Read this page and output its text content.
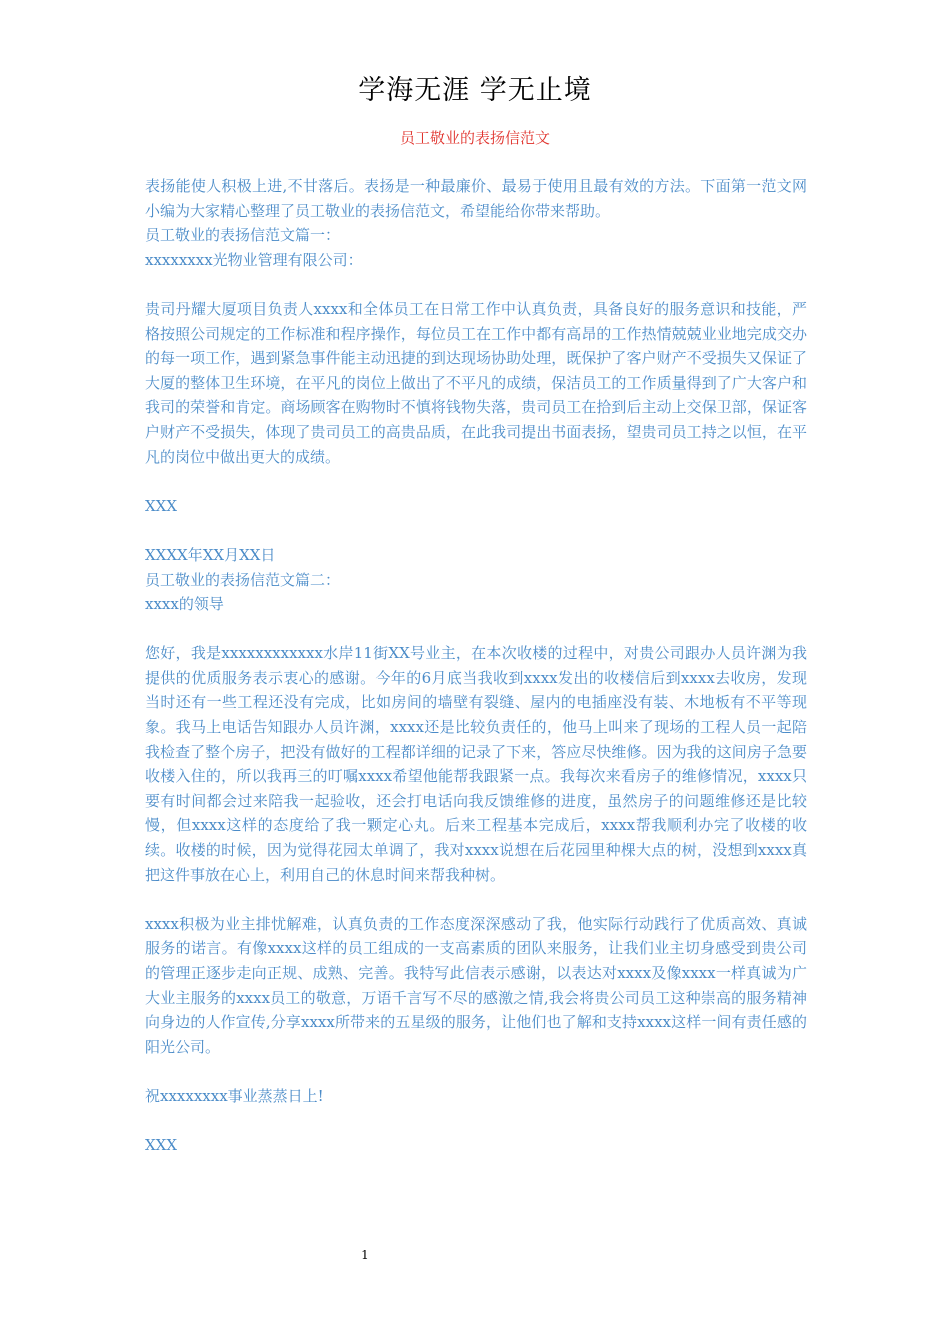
学海无涯 学无止境
员工敬业的表扬信范文

表扬能使人积极上进,不甘落后。表扬是一种最廉价、最易于使用且最有效的方法。下面第一范文网小编为大家精心整理了员工敬业的表扬信范文，希望能给你带来帮助。

员工敬业的表扬信范文篇一：

xxxxxxxx光物业管理有限公司：

贵司丹耀大厦项目负责人xxxx和全体员工在日常工作中认真负责，具备良好的服务意识和技能，严格按照公司规定的工作标准和程序操作，每位员工在工作中都有高昂的工作热情兢兢业业地完成交办的每一项工作，遇到紧急事件能主动迅捷的到达现场协助处理，既保护了客户财产不受损失又保证了大厦的整体卫生环境，在平凡的岗位上做出了不平凡的成绩，保洁员工的工作质量得到了广大客户和我司的荣誉和肯定。商场顾客在购物时不慎将钱物失落，贵司员工在拾到后主动上交保卫部，保证客户财产不受损失，体现了贵司员工的高贵品质，在此我司提出书面表扬，望贵司员工持之以恒，在平凡的岗位中做出更大的成绩。

XXX

XXXX年XX月XX日

员工敬业的表扬信范文篇二：

xxxx的领导

您好，我是xxxxxxxxxxxx水岸11街XX号业主，在本次收楼的过程中，对贵公司跟办人员许渊为我提供的优质服务表示衷心的感谢。今年的6月底当我收到xxxx发出的收楼信后到xxxx去收房，发现当时还有一些工程还没有完成，比如房间的墙壁有裂缝、屋内的电插座没有装、木地板有不平等现象。我马上电话告知跟办人员许渊，xxxx还是比较负责任的，他马上叫来了现场的工程人员一起陪我检查了整个房子，把没有做好的工程都详细的记录了下来，答应尽快维修。因为我的这间房子急要收楼入住的，所以我再三的叮嘱xxxx希望他能帮我跟紧一点。我每次来看房子的维修情况，xxxx只要有时间都会过来陪我一起验收，还会打电话向我反馈维修的进度，虽然房子的问题维修还是比较慢，但xxxx这样的态度给了我一颗定心丸。后来工程基本完成后，xxxx帮我顺利办完了收楼的收续。收楼的时候，因为觉得花园太单调了，我对xxxx说想在后花园里种棵大点的树，没想到xxxx真把这件事放在心上，利用自己的休息时间来帮我种树。

xxxx积极为业主排忧解难，认真负责的工作态度深深感动了我，他实际行动践行了优质高效、真诚服务的诺言。有像xxxx这样的员工组成的一支高素质的团队来服务，让我们业主切身感受到贵公司的管理正逐步走向正规、成熟、完善。我特写此信表示感谢，以表达对xxxx及像xxxx一样真诚为广大业主服务的xxxx员工的敬意，万语千言写不尽的感激之情,我会将贵公司员工这种崇高的服务精神向身边的人作宣传,分享xxxx所带来的五星级的服务，让他们也了解和支持xxxx这样一间有责任感的阳光公司。

祝xxxxxxxx事业蒸蒸日上!

XXX

1
